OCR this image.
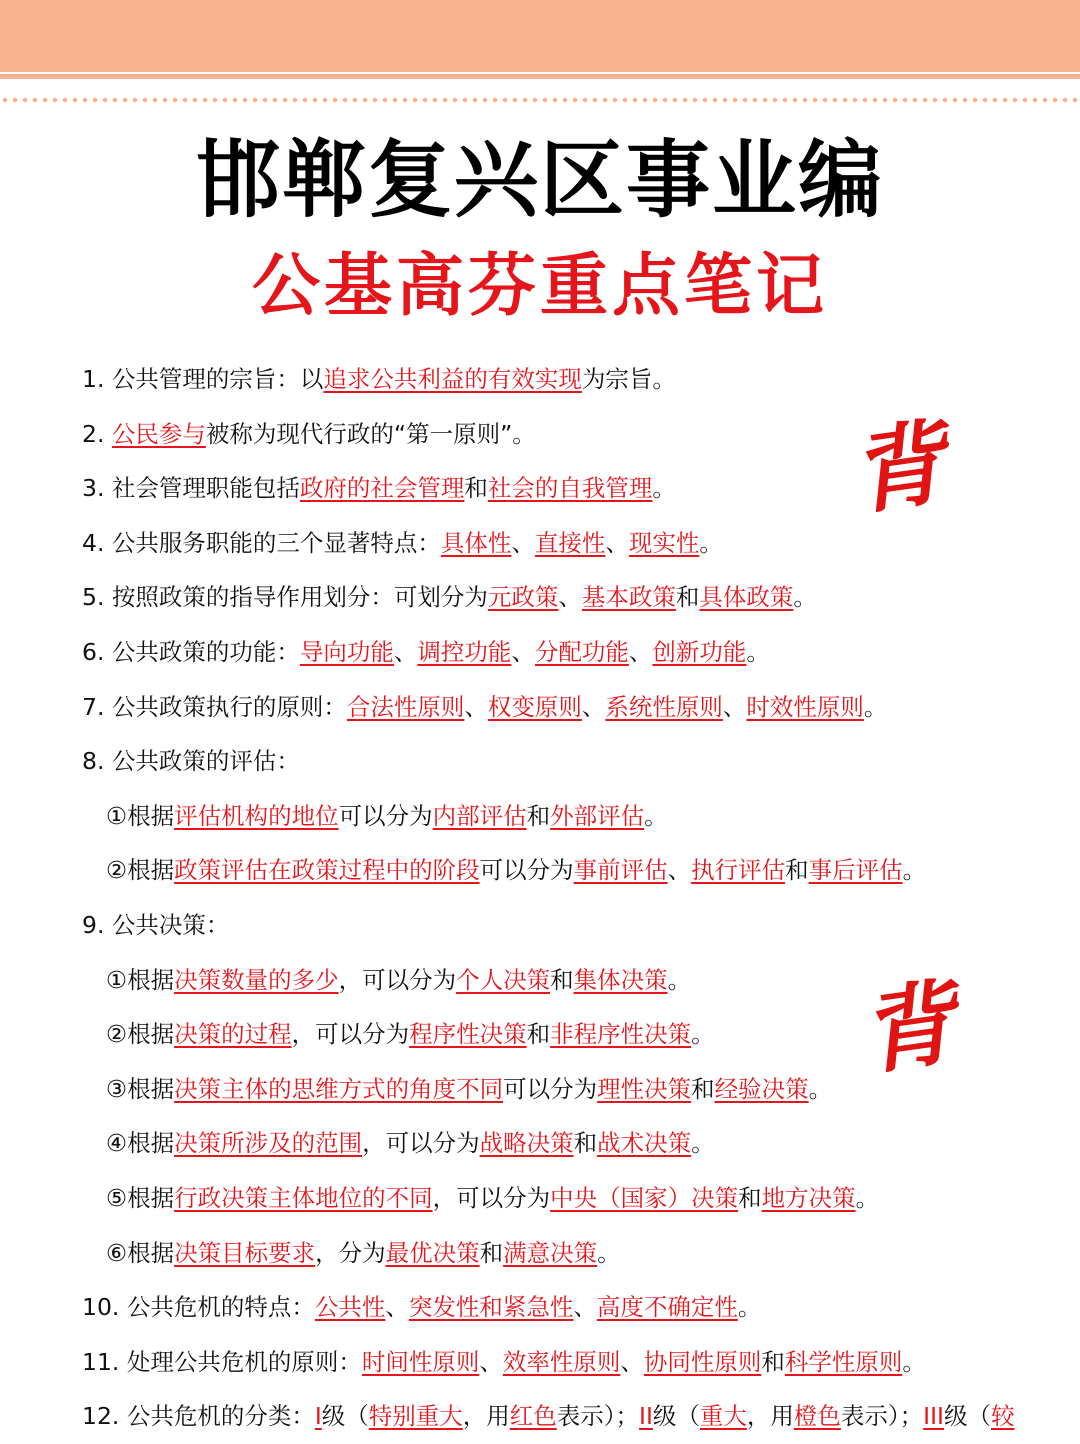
邯郸复兴区事业编
公基高芬重点笔记
背
背
1. 公共管理的宗旨：以追求公共利益的有效实现为宗旨。
2. 公民参与被称为现代行政的“第一原则”。
3. 社会管理职能包括政府的社会管理和社会的自我管理。
4. 公共服务职能的三个显著特点：具体性、直接性、现实性。
5. 按照政策的指导作用划分：可划分为元政策、基本政策和具体政策。
6. 公共政策的功能：导向功能、调控功能、分配功能、创新功能。
7. 公共政策执行的原则：合法性原则、权变原则、系统性原则、时效性原则。
8. 公共政策的评估：
①根据评估机构的地位可以分为内部评估和外部评估。
②根据政策评估在政策过程中的阶段可以分为事前评估、执行评估和事后评估。
9. 公共决策：
①根据决策数量的多少，可以分为个人决策和集体决策。
②根据决策的过程，可以分为程序性决策和非程序性决策。
③根据决策主体的思维方式的角度不同可以分为理性决策和经验决策。
④根据决策所涉及的范围，可以分为战略决策和战术决策。
⑤根据行政决策主体地位的不同，可以分为中央（国家）决策和地方决策。
⑥根据决策目标要求，分为最优决策和满意决策。
10. 公共危机的特点：公共性、突发性和紧急性、高度不确定性。
11. 处理公共危机的原则：时间性原则、效率性原则、协同性原则和科学性原则。
12. 公共危机的分类：I级（特别重大，用红色表示）；II级（重大，用橙色表示）；III级（较
